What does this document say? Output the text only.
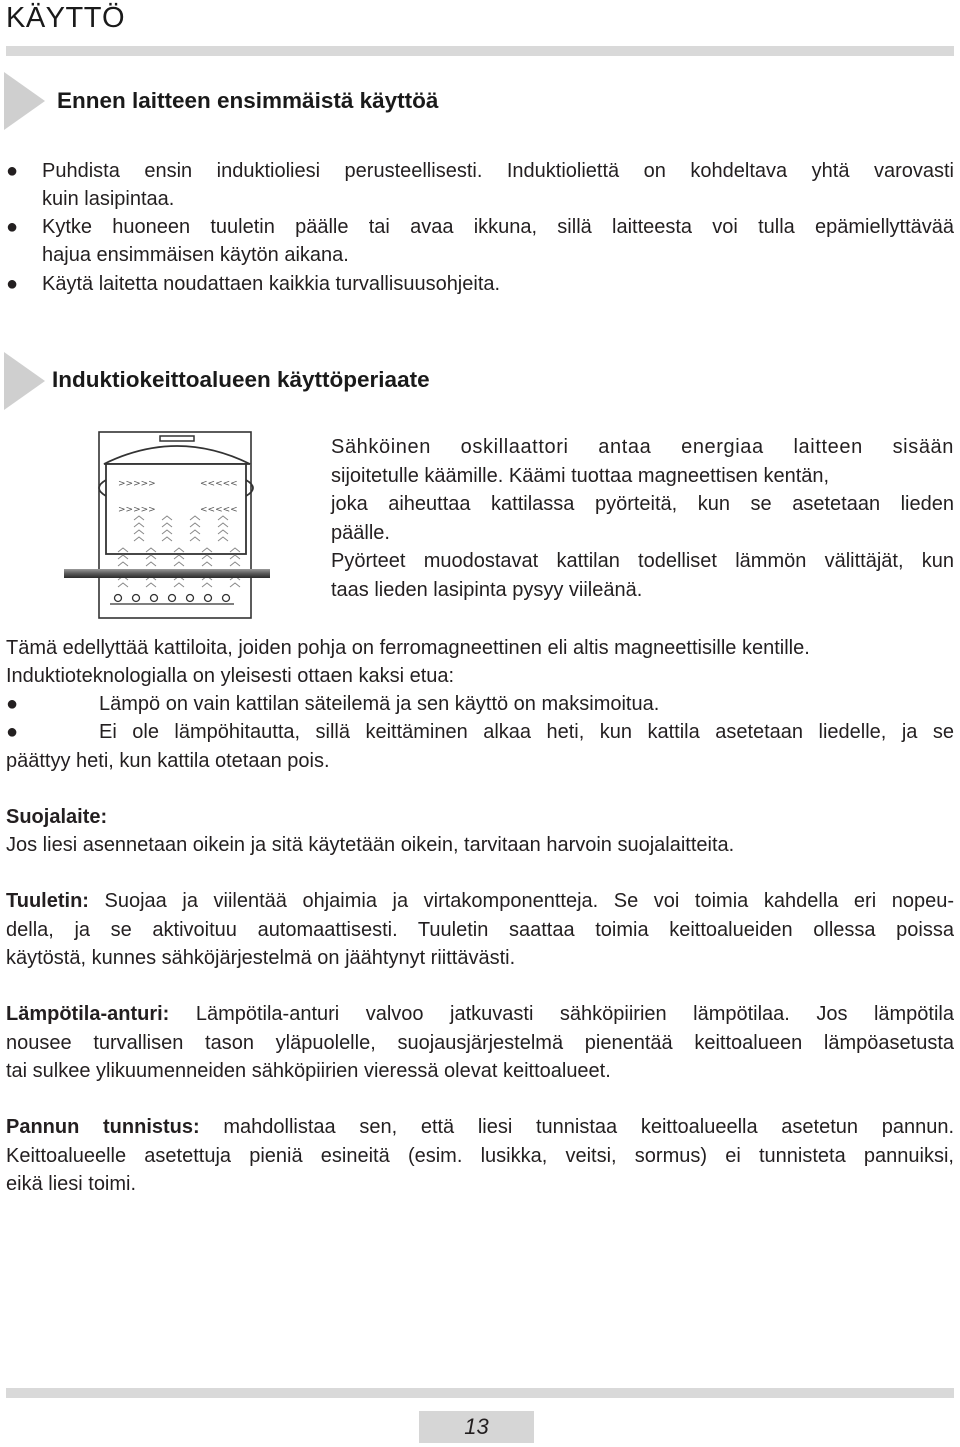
KÄYTTÖ
Ennen laitteen ensimmäistä käyttöä
● Puhdista ensin induktioliesi perusteellisesti. Induktioliettä on kohdeltava yhtä varovasti
kuin lasipintaa.
● Kytke huoneen tuuletin päälle tai avaa ikkuna, sillä laitteesta voi tulla epämiellyttävää
hajua ensimmäisen käytön aikana.
● Käytä laitetta noudattaen kaikkia turvallisuusohjeita.
Induktiokeittoalueen käyttöperiaate
>>>>>	<<<<<
>>>>>	<<<<<
Sähköinen oskillaattori antaa energiaa laitteen sisään
sijoitetulle käämille. Käämi tuottaa magneettisen kentän,
joka aiheuttaa kattilassa pyörteitä, kun se asetetaan lieden
päälle.
Pyörteet muodostavat kattilan todelliset lämmön välittäjät, kun
taas lieden lasipinta pysyy viileänä.
Tämä edellyttää kattiloita, joiden pohja on ferromagneettinen eli altis magneettisille kentille.
Induktioteknologialla on yleisesti ottaen kaksi etua:
●	Lämpö on vain kattilan säteilemä ja sen käyttö on maksimoitua.
●	Ei ole lämpöhitautta, sillä keittäminen alkaa heti, kun kattila asetetaan liedelle, ja se
päättyy heti, kun kattila otetaan pois.
Suojalaite:
Jos liesi asennetaan oikein ja sitä käytetään oikein, tarvitaan harvoin suojalaitteita.
Tuuletin: Suojaa ja viilentää ohjaimia ja virtakomponentteja. Se voi toimia kahdella eri nopeu-
della, ja se aktivoituu automaattisesti. Tuuletin saattaa toimia keittoalueiden ollessa poissa
käytöstä, kunnes sähköjärjestelmä on jäähtynyt riittävästi.
Lämpötila-anturi: Lämpötila-anturi valvoo jatkuvasti sähköpiirien lämpötilaa. Jos lämpötila
nousee turvallisen tason yläpuolelle, suojausjärjestelmä pienentää keittoalueen lämpöasetusta
tai sulkee ylikuumenneiden sähköpiirien vieressä olevat keittoalueet.
Pannun tunnistus: mahdollistaa sen, että liesi tunnistaa keittoalueella asetetun pannun.
Keittoalueelle asetettuja pieniä esineitä (esim. lusikka, veitsi, sormus) ei tunnisteta pannuiksi,
eikä liesi toimi.
13
